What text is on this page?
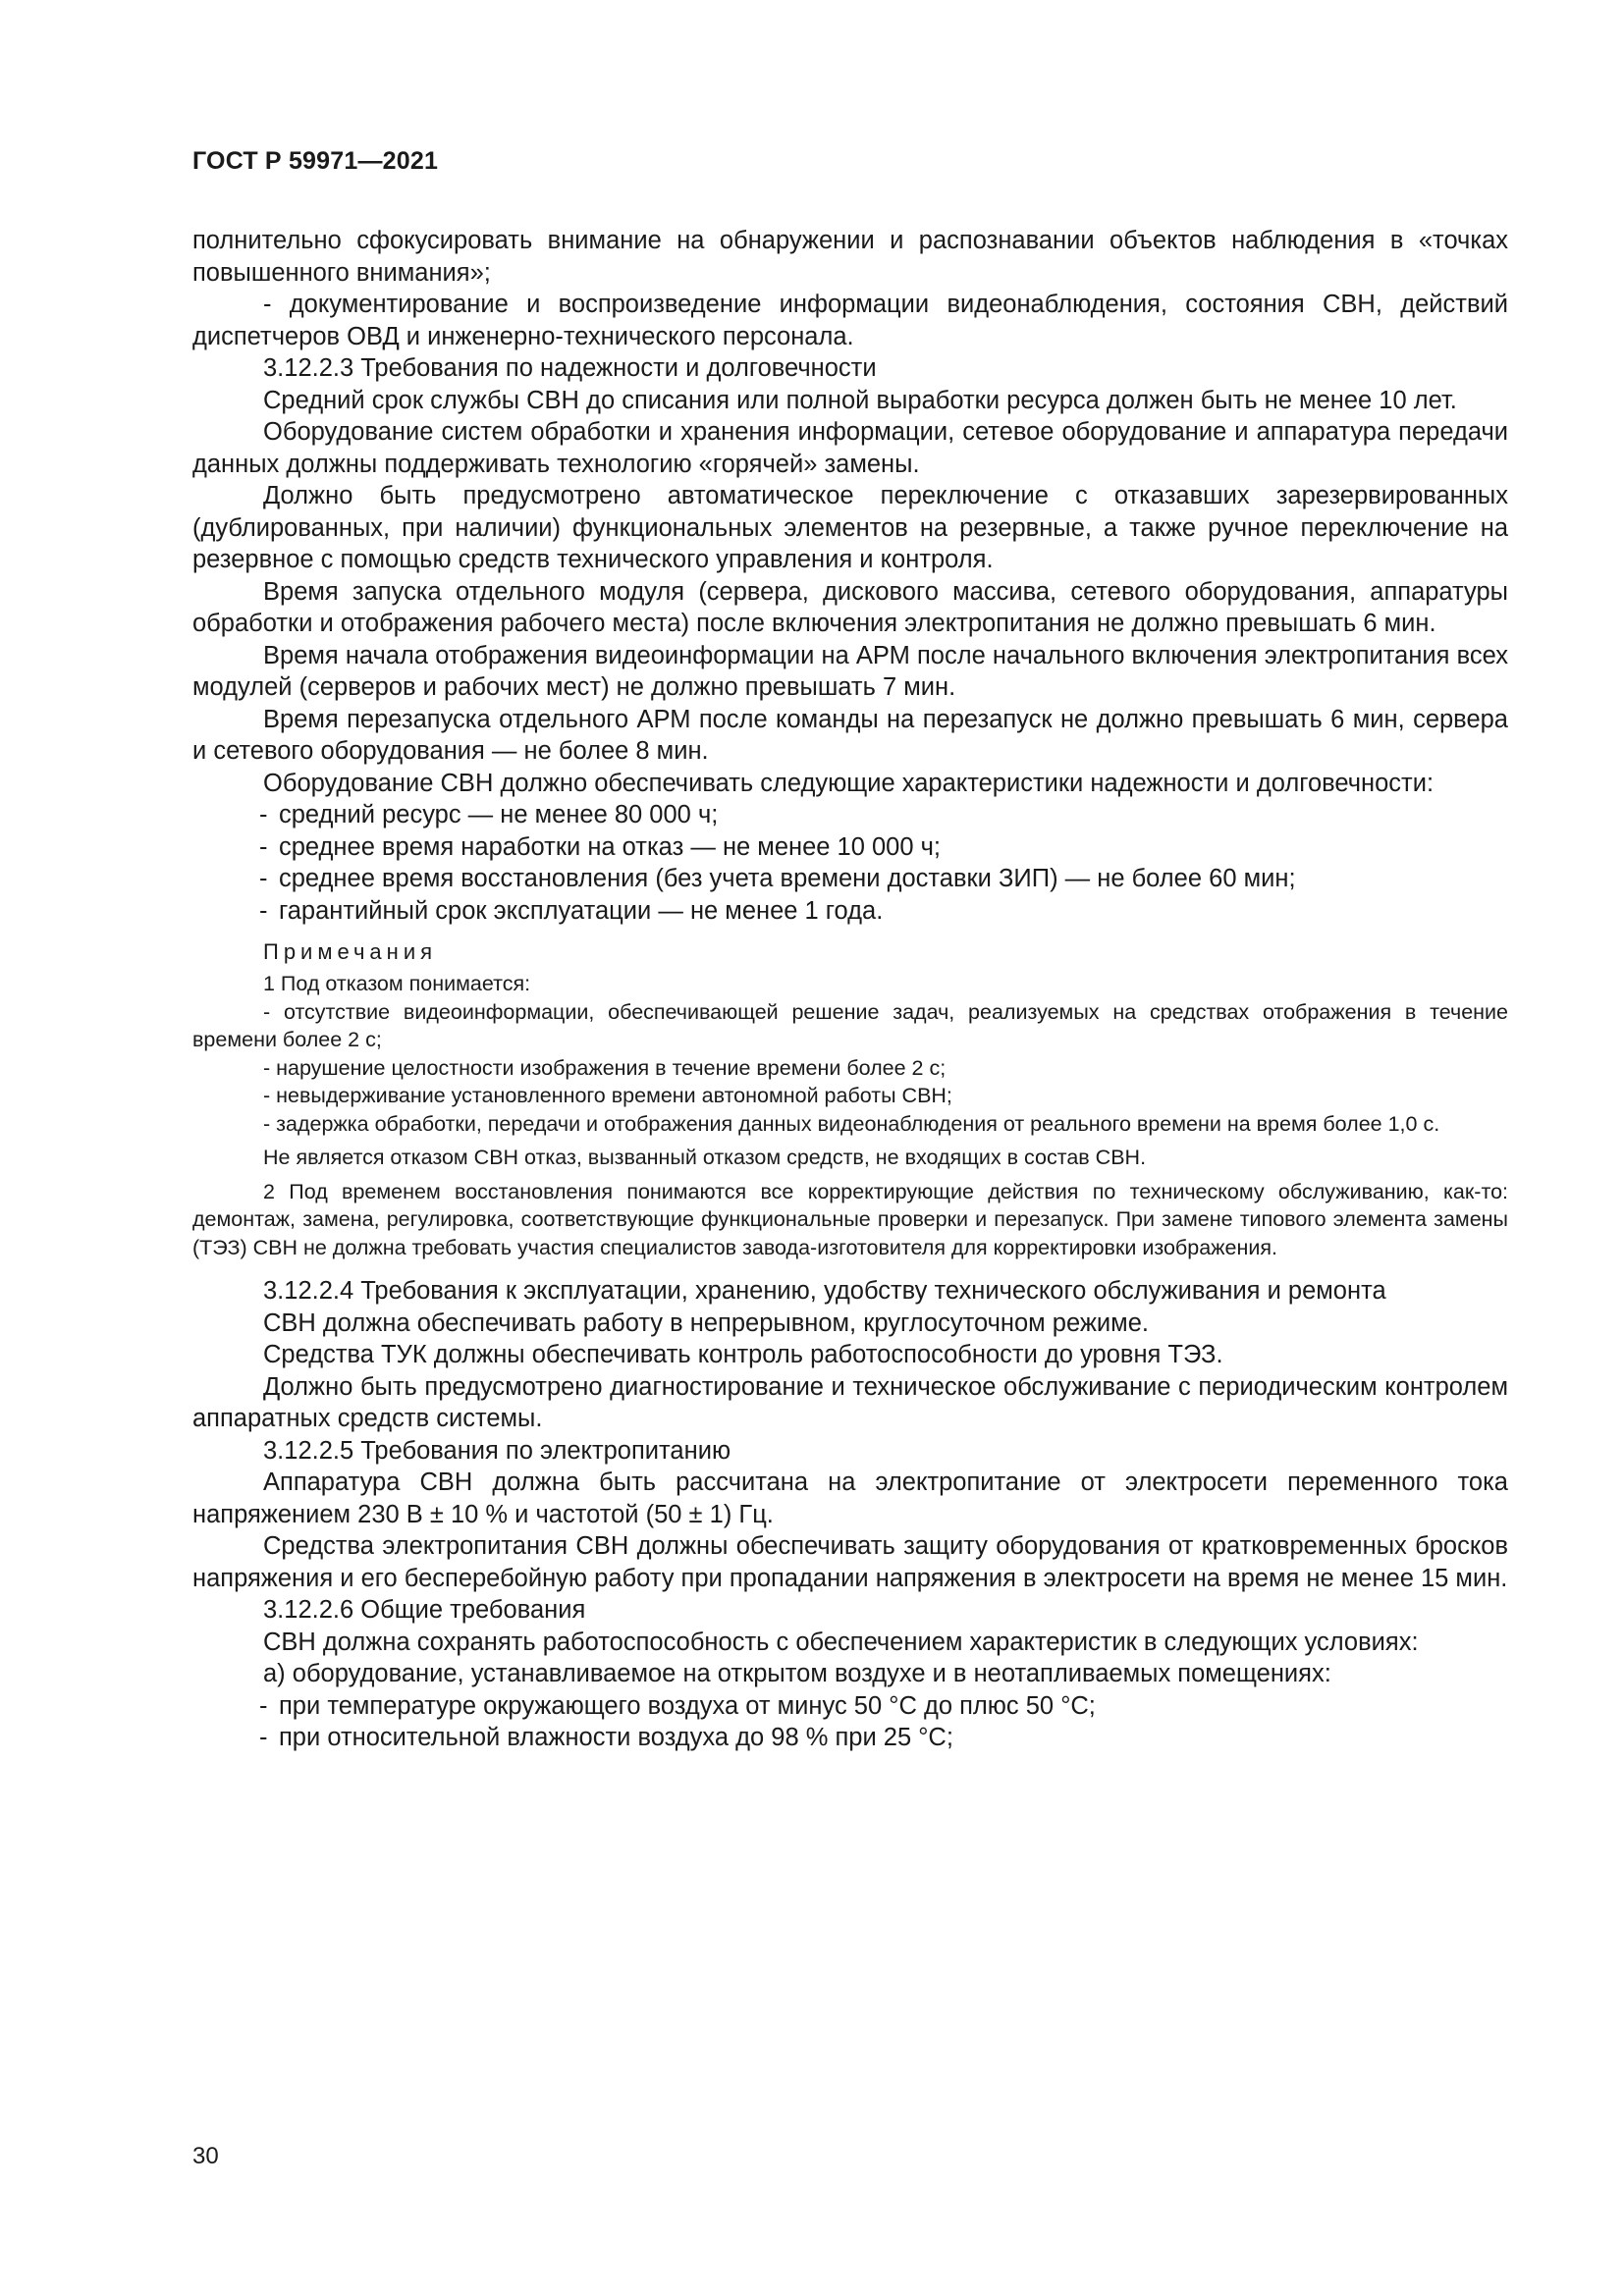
ГОСТ Р 59971—2021

полнительно сфокусировать внимание на обнаружении и распознавании объектов наблюдения в «точках повышенного внимания»;

- документирование и воспроизведение информации видеонаблюдения, состояния СВН, действий диспетчеров ОВД и инженерно-технического персонала.

3.12.2.3 Требования по надежности и долговечности

Средний срок службы СВН до списания или полной выработки ресурса должен быть не менее 10 лет.

Оборудование систем обработки и хранения информации, сетевое оборудование и аппаратура передачи данных должны поддерживать технологию «горячей» замены.

Должно быть предусмотрено автоматическое переключение с отказавших зарезервированных (дублированных, при наличии) функциональных элементов на резервные, а также ручное переключение на резервное с помощью средств технического управления и контроля.

Время запуска отдельного модуля (сервера, дискового массива, сетевого оборудования, аппаратуры обработки и отображения рабочего места) после включения электропитания не должно превышать 6 мин.

Время начала отображения видеоинформации на АРМ после начального включения электропитания всех модулей (серверов и рабочих мест) не должно превышать 7 мин.

Время перезапуска отдельного АРМ после команды на перезапуск не должно превышать 6 мин, сервера и сетевого оборудования — не более 8 мин.

Оборудование СВН должно обеспечивать следующие характеристики надежности и долговечности:

- средний ресурс — не менее 80 000 ч;

- среднее время наработки на отказ — не менее 10 000 ч;

- среднее время восстановления (без учета времени доставки ЗИП) — не более 60 мин;

- гарантийный срок эксплуатации — не менее 1 года.

Примечания

1 Под отказом понимается:

- отсутствие видеоинформации, обеспечивающей решение задач, реализуемых на средствах отображения в течение времени более 2 с;

- нарушение целостности изображения в течение времени более 2 с;

- невыдерживание установленного времени автономной работы СВН;

- задержка обработки, передачи и отображения данных видеонаблюдения от реального времени на время более 1,0 с.

Не является отказом СВН отказ, вызванный отказом средств, не входящих в состав СВН.

2 Под временем восстановления понимаются все корректирующие действия по техническому обслуживанию, как-то: демонтаж, замена, регулировка, соответствующие функциональные проверки и перезапуск. При замене типового элемента замены (ТЭЗ) СВН не должна требовать участия специалистов завода-изготовителя для корректировки изображения.

3.12.2.4 Требования к эксплуатации, хранению, удобству технического обслуживания и ремонта

СВН должна обеспечивать работу в непрерывном, круглосуточном режиме.

Средства ТУК должны обеспечивать контроль работоспособности до уровня ТЭЗ.

Должно быть предусмотрено диагностирование и техническое обслуживание с периодическим контролем аппаратных средств системы.

3.12.2.5 Требования по электропитанию

Аппаратура СВН должна быть рассчитана на электропитание от электросети переменного тока напряжением 230 В ± 10 % и частотой (50 ± 1) Гц.

Средства электропитания СВН должны обеспечивать защиту оборудования от кратковременных бросков напряжения и его бесперебойную работу при пропадании напряжения в электросети на время не менее 15 мин.

3.12.2.6 Общие требования

СВН должна сохранять работоспособность с обеспечением характеристик в следующих условиях:

а) оборудование, устанавливаемое на открытом воздухе и в неотапливаемых помещениях:

- при температуре окружающего воздуха от минус 50 °С до плюс 50 °С;

- при относительной влажности воздуха до 98 % при 25 °С;

30
